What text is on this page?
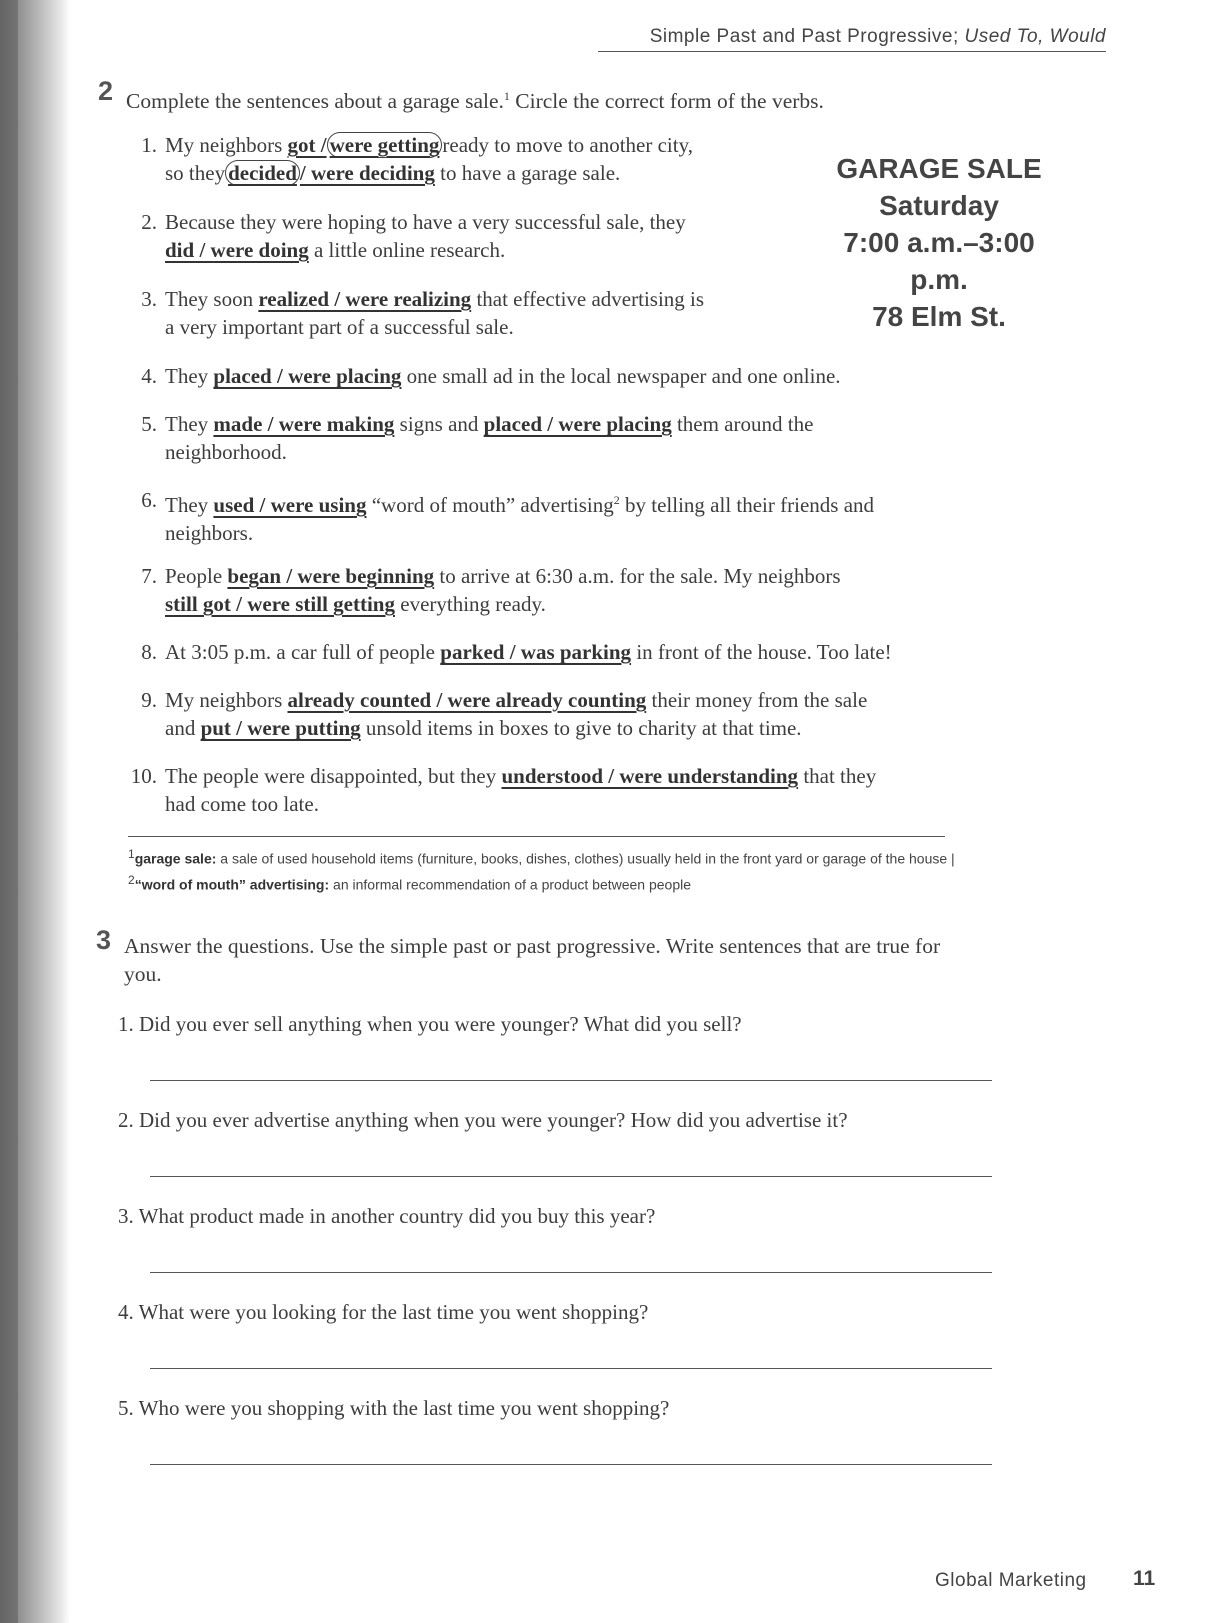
Simple Past and Past Progressive; Used To, Would
2 Complete the sentences about a garage sale.$^1$ Circle the correct form of the verbs.
1. My neighbors got / were getting ready to move to another city,
so they decided / were deciding to have a garage sale.
2. Because they were hoping to have a very successful sale, they
did / were doing a little online research.
3. They soon realized / were realizing that effective advertising is
a very important part of a successful sale.
4. They placed / were placing one small ad in the local newspaper and one online.
5. They made / were making signs and placed / were placing them around the
neighborhood.
6. They used / were using “word of mouth” advertising$^2$ by telling all their friends and
neighbors.
7. People began / were beginning to arrive at 6:30 a.m. for the sale. My neighbors
still got / were still getting everything ready.
8. At 3:05 p.m. a car full of people parked / was parking in front of the house. Too late!
9. My neighbors already counted / were already counting their money from the sale
and put / were putting unsold items in boxes to give to charity at that time.
10. The people were disappointed, but they understood / were understanding that they
had come too late.
GARAGE SALE
Saturday
7:00 a.m.–3:00 p.m.
78 Elm St.
$^1$garage sale: a sale of used household items (furniture, books, dishes, clothes) usually held in the front yard or garage of the house | $^2$“word of mouth” advertising: an informal recommendation of a product between people
3 Answer the questions. Use the simple past or past progressive. Write sentences that are true for you.
1. Did you ever sell anything when you were younger? What did you sell?
2. Did you ever advertise anything when you were younger? How did you advertise it?
3. What product made in another country did you buy this year?
4. What were you looking for the last time you went shopping?
5. Who were you shopping with the last time you went shopping?
Global Marketing 11
